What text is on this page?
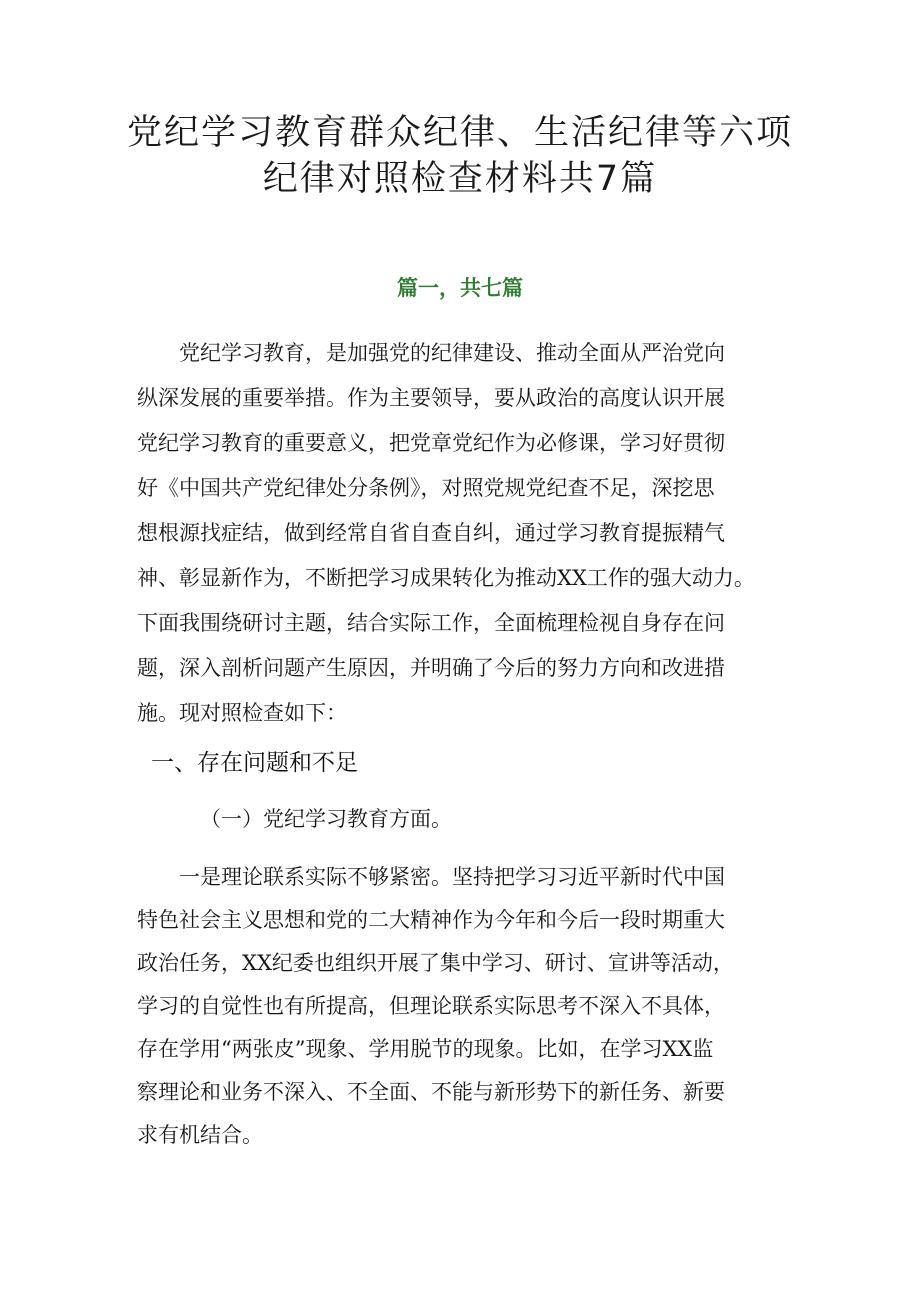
党纪学习教育群众纪律、生活纪律等六项
纪律对照检查材料共7篇
篇一，共七篇
党纪学习教育，是加强党的纪律建设、推动全面从严治党向
纵深发展的重要举措。作为主要领导，要从政治的高度认识开展
党纪学习教育的重要意义，把党章党纪作为必修课，学习好贯彻
好《中国共产党纪律处分条例》，对照党规党纪查不足，深挖思
想根源找症结，做到经常自省自查自纠，通过学习教育提振精气
神、彰显新作为，不断把学习成果转化为推动XX工作的强大动力。
下面我围绕研讨主题，结合实际工作，全面梳理检视自身存在问
题，深入剖析问题产生原因，并明确了今后的努力方向和改进措
施。现对照检查如下：
一、存在问题和不足
（一）党纪学习教育方面。
一是理论联系实际不够紧密。坚持把学习习近平新时代中国
特色社会主义思想和党的二大精神作为今年和今后一段时期重大
政治任务，XX纪委也组织开展了集中学习、研讨、宣讲等活动，
学习的自觉性也有所提高，但理论联系实际思考不深入不具体，
存在学用“两张皮”现象、学用脱节的现象。比如，在学习XX监
察理论和业务不深入、不全面、不能与新形势下的新任务、新要
求有机结合。
